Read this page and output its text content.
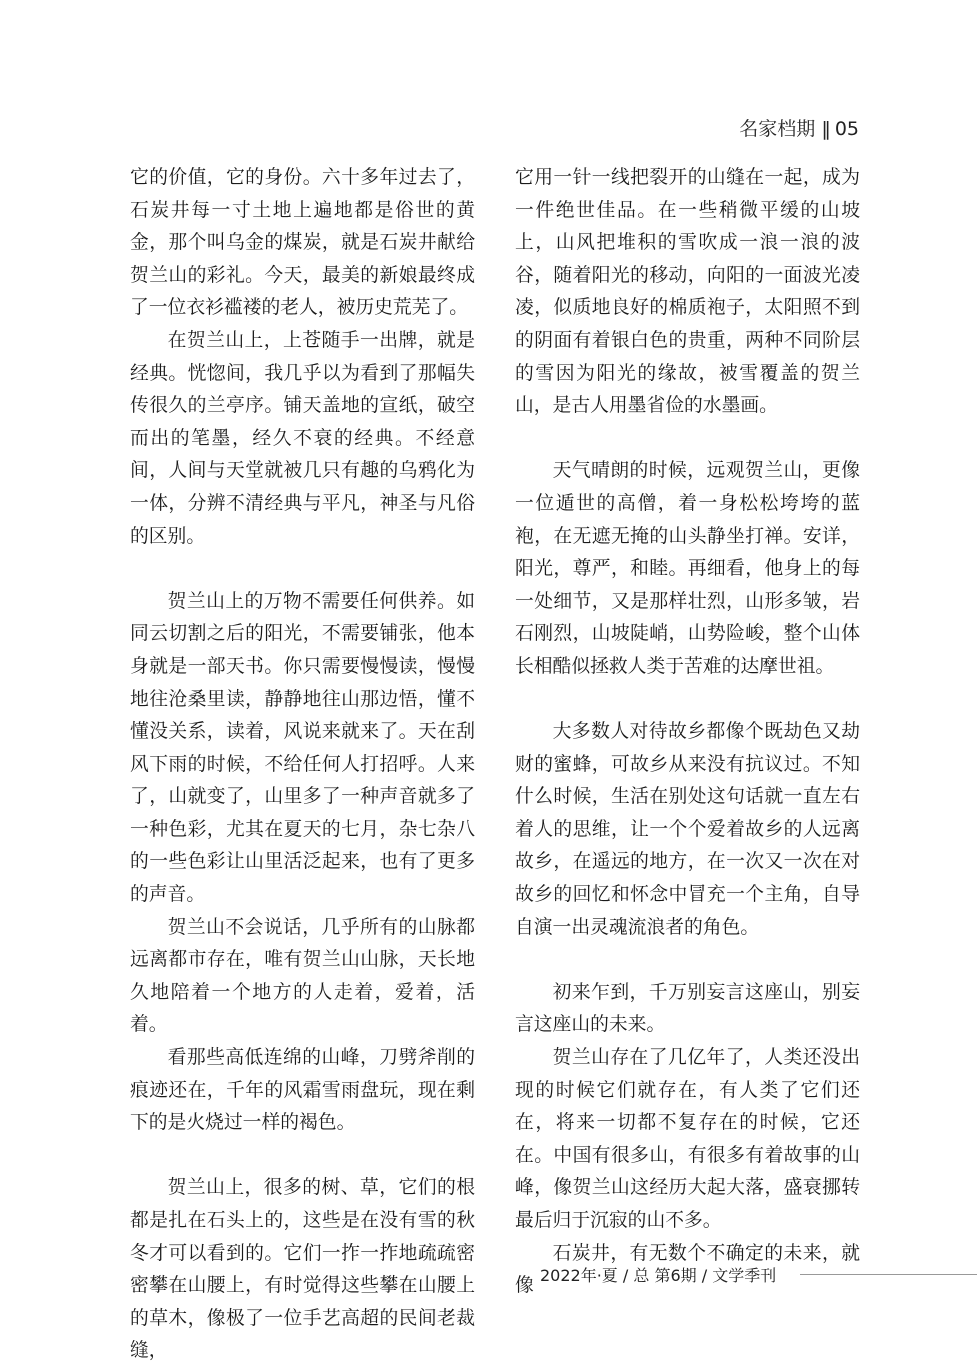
名家档期 ‖ 05

它的价值，它的身份。六十多年过去了，石炭井每一寸土地上遍地都是俗世的黄金，那个叫乌金的煤炭，就是石炭井献给贺兰山的彩礼。今天，最美的新娘最终成了一位衣衫褴褛的老人，被历史荒芜了。

在贺兰山上，上苍随手一出牌，就是经典。恍惚间，我几乎以为看到了那幅失传很久的兰亭序。铺天盖地的宣纸，破空而出的笔墨，经久不衰的经典。不经意间，人间与天堂就被几只有趣的乌鸦化为一体，分辨不清经典与平凡，神圣与凡俗的区别。

贺兰山上的万物不需要任何供养。如同云切割之后的阳光，不需要铺张，他本身就是一部天书。你只需要慢慢读，慢慢地往沧桑里读，静静地往山那边悟，懂不懂没关系，读着，风说来就来了。天在刮风下雨的时候，不给任何人打招呼。人来了，山就变了，山里多了一种声音就多了一种色彩，尤其在夏天的七月，杂七杂八的一些色彩让山里活泛起来，也有了更多的声音。

贺兰山不会说话，几乎所有的山脉都远离都市存在，唯有贺兰山山脉，天长地久地陪着一个地方的人走着，爱着，活着。

看那些高低连绵的山峰，刀劈斧削的痕迹还在，千年的风霜雪雨盘玩，现在剩下的是火烧过一样的褐色。

贺兰山上，很多的树、草，它们的根都是扎在石头上的，这些是在没有雪的秋冬才可以看到的。它们一拃一拃地疏疏密密攀在山腰上，有时觉得这些攀在山腰上的草木，像极了一位手艺高超的民间老裁缝，

它用一针一线把裂开的山缝在一起，成为一件绝世佳品。在一些稍微平缓的山坡上，山风把堆积的雪吹成一浪一浪的波谷，随着阳光的移动，向阳的一面波光凌凌，似质地良好的棉质袍子，太阳照不到的阴面有着银白色的贵重，两种不同阶层的雪因为阳光的缘故，被雪覆盖的贺兰山，是古人用墨省俭的水墨画。

天气晴朗的时候，远观贺兰山，更像一位遁世的高僧，着一身松松垮垮的蓝袍，在无遮无掩的山头静坐打禅。安详，阳光，尊严，和睦。再细看，他身上的每一处细节，又是那样壮烈，山形多皱，岩石刚烈，山坡陡峭，山势险峻，整个山体长相酷似拯救人类于苦难的达摩世祖。

大多数人对待故乡都像个既劫色又劫财的蜜蜂，可故乡从来没有抗议过。不知什么时候，生活在别处这句话就一直左右着人的思维，让一个个爱着故乡的人远离故乡，在遥远的地方，在一次又一次在对故乡的回忆和怀念中冒充一个主角，自导自演一出灵魂流浪者的角色。

初来乍到，千万别妄言这座山，别妄言这座山的未来。

贺兰山存在了几亿年了，人类还没出现的时候它们就存在，有人类了它们还在，将来一切都不复存在的时候，它还在。中国有很多山，有很多有着故事的山峰，像贺兰山这经历大起大落，盛衰挪转最后归于沉寂的山不多。

石炭井，有无数个不确定的未来，就像 2022年·夏 / 总 第6期 / 文学季刊
